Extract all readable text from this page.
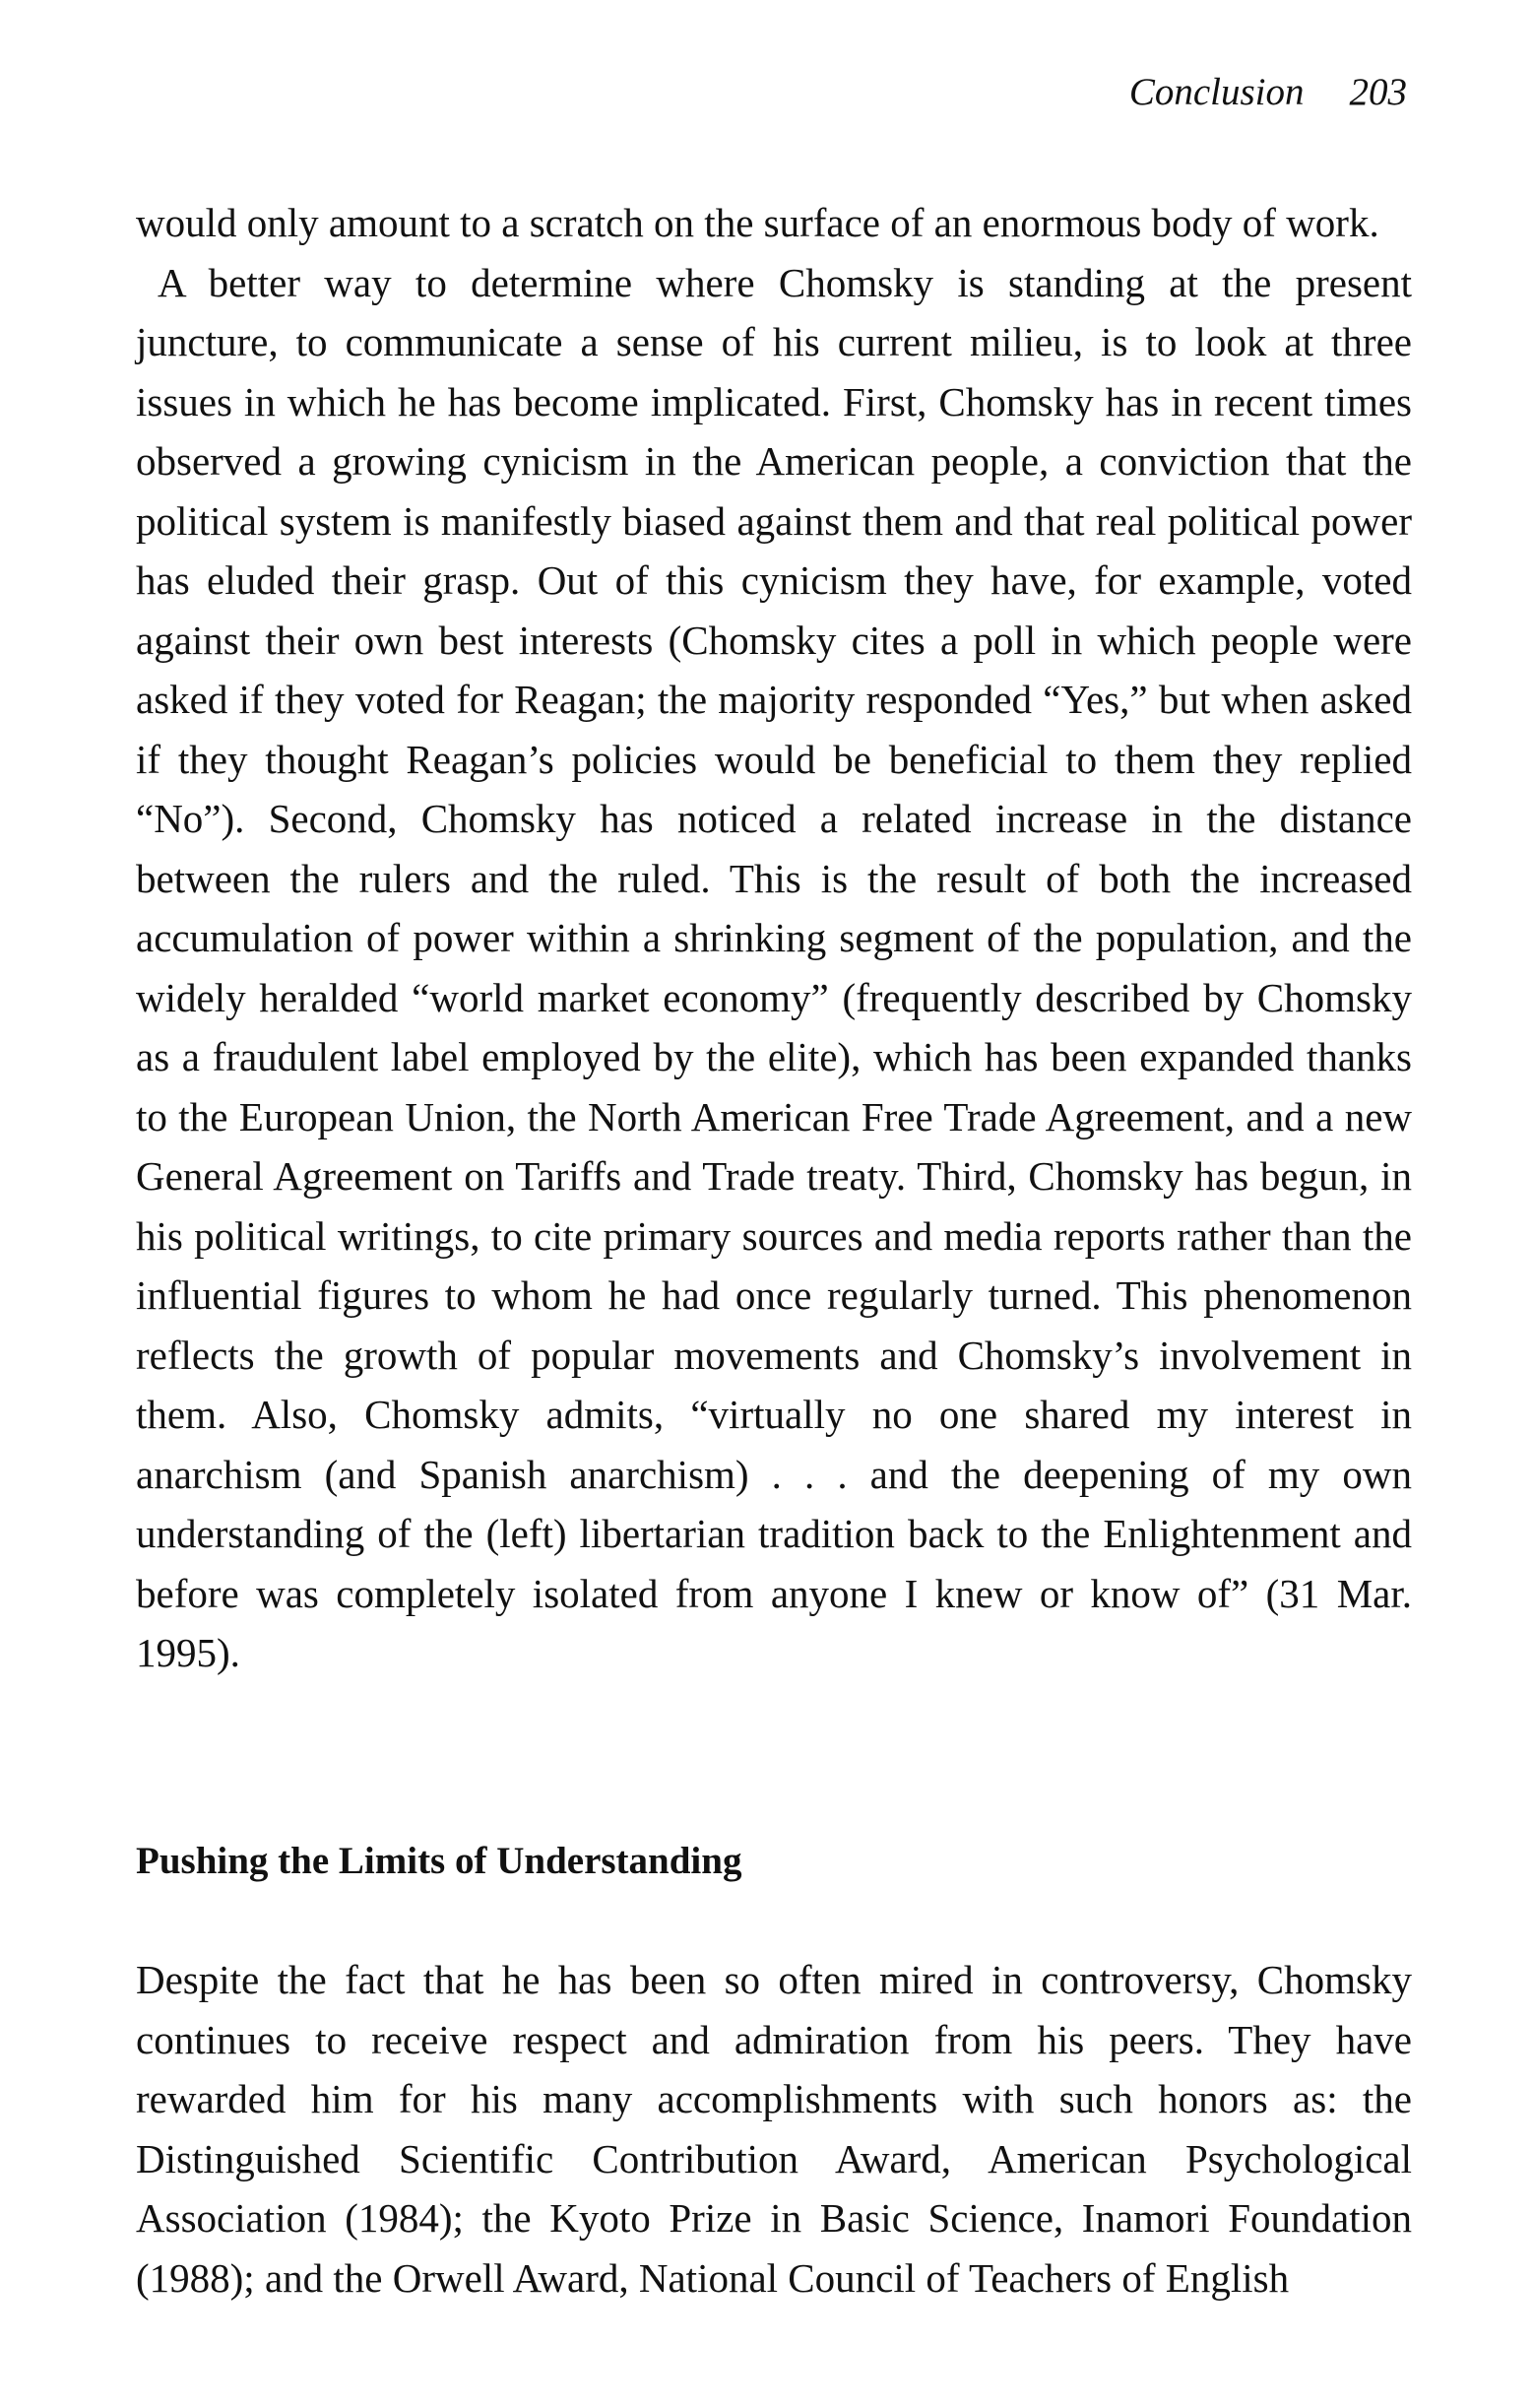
Conclusion 203

would only amount to a scratch on the surface of an enormous body of work.

A better way to determine where Chomsky is standing at the present juncture, to communicate a sense of his current milieu, is to look at three issues in which he has become implicated. First, Chomsky has in recent times observed a growing cynicism in the American people, a conviction that the political system is manifestly biased against them and that real political power has eluded their grasp. Out of this cynicism they have, for example, voted against their own best interests (Chomsky cites a poll in which people were asked if they voted for Reagan; the majority responded “Yes,” but when asked if they thought Reagan’s policies would be beneficial to them they replied “No”). Second, Chomsky has noticed a related increase in the distance between the rulers and the ruled. This is the result of both the increased accumulation of power within a shrinking segment of the population, and the widely heralded “world market economy” (frequently described by Chomsky as a fraudulent label employed by the elite), which has been expanded thanks to the European Union, the North American Free Trade Agreement, and a new General Agreement on Tariffs and Trade treaty. Third, Chomsky has begun, in his political writings, to cite primary sources and media reports rather than the influential figures to whom he had once regularly turned. This phenomenon reflects the growth of popular movements and Chomsky’s involvement in them. Also, Chomsky admits, “virtually no one shared my interest in anarchism (and Spanish anarchism) . . . and the deepening of my own understanding of the (left) libertarian tradition back to the Enlightenment and before was completely isolated from anyone I knew or know of” (31 Mar. 1995).

Pushing the Limits of Understanding

Despite the fact that he has been so often mired in controversy, Chomsky continues to receive respect and admiration from his peers. They have rewarded him for his many accomplishments with such honors as: the Distinguished Scientific Contribution Award, American Psychological Association (1984); the Kyoto Prize in Basic Science, Inamori Foundation (1988); and the Orwell Award, National Council of Teachers of English
